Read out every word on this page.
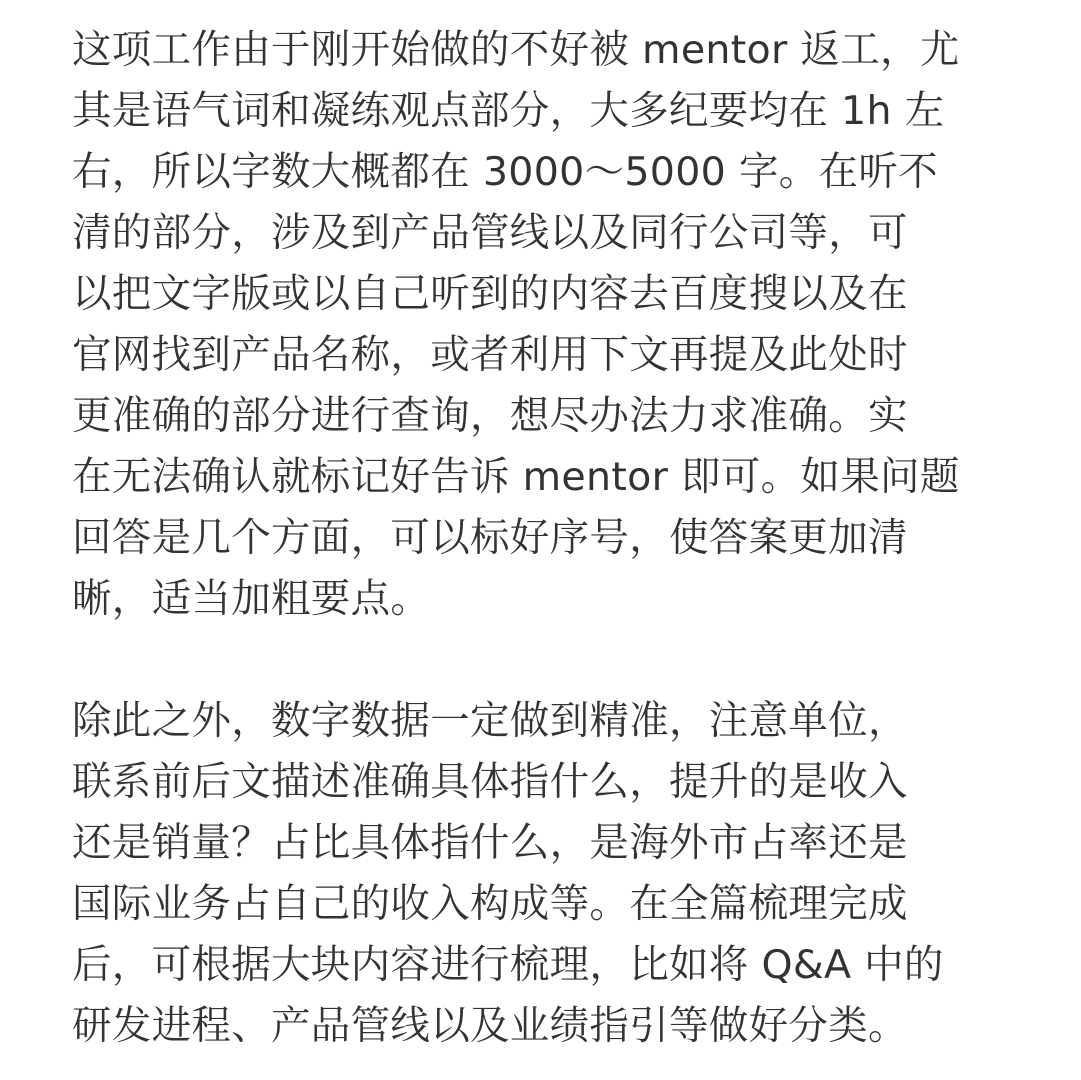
这项工作由于刚开始做的不好被 mentor 返工，尤
其是语气词和凝练观点部分，大多纪要均在 1h 左
右，所以字数大概都在 3000～5000 字。在听不
清的部分，涉及到产品管线以及同行公司等，可
以把文字版或以自己听到的内容去百度搜以及在
官网找到产品名称，或者利用下文再提及此处时
更准确的部分进行查询，想尽办法力求准确。实
在无法确认就标记好告诉 mentor 即可。如果问题
回答是几个方面，可以标好序号，使答案更加清
晰，适当加粗要点。
除此之外，数字数据一定做到精准，注意单位，
联系前后文描述准确具体指什么，提升的是收入
还是销量？占比具体指什么，是海外市占率还是
国际业务占自己的收入构成等。在全篇梳理完成
后，可根据大块内容进行梳理，比如将 Q&A 中的
研发进程、产品管线以及业绩指引等做好分类。
